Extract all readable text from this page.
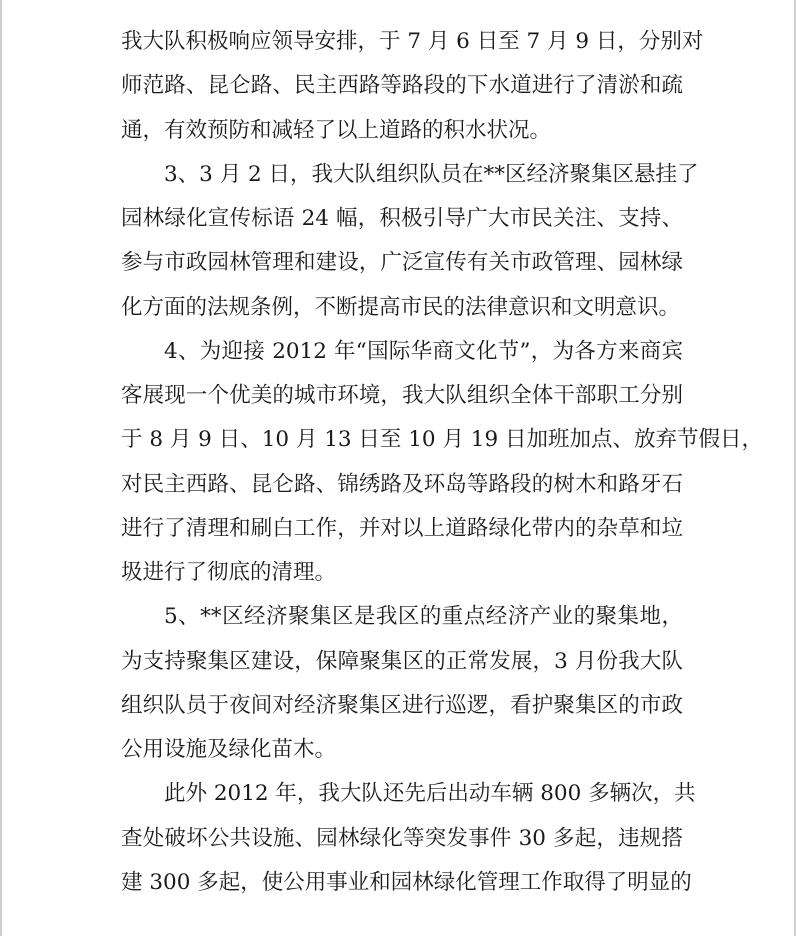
我大队积极响应领导安排，于 7 月 6 日至 7 月 9 日，分别对
师范路、昆仑路、民主西路等路段的下水道进行了清淤和疏
通，有效预防和减轻了以上道路的积水状况。
3、3 月 2 日，我大队组织队员在**区经济聚集区悬挂了
园林绿化宣传标语 24 幅，积极引导广大市民关注、支持、
参与市政园林管理和建设，广泛宣传有关市政管理、园林绿
化方面的法规条例，不断提高市民的法律意识和文明意识。
4、为迎接 2012 年“国际华商文化节”，为各方来商宾
客展现一个优美的城市环境，我大队组织全体干部职工分别
于 8 月 9 日、10 月 13 日至 10 月 19 日加班加点、放弃节假日，
对民主西路、昆仑路、锦绣路及环岛等路段的树木和路牙石
进行了清理和刷白工作，并对以上道路绿化带内的杂草和垃
圾进行了彻底的清理。
5、**区经济聚集区是我区的重点经济产业的聚集地，
为支持聚集区建设，保障聚集区的正常发展，3 月份我大队
组织队员于夜间对经济聚集区进行巡逻，看护聚集区的市政
公用设施及绿化苗木。
此外 2012 年，我大队还先后出动车辆 800 多辆次，共
查处破坏公共设施、园林绿化等突发事件 30 多起，违规搭
建 300 多起，使公用事业和园林绿化管理工作取得了明显的
